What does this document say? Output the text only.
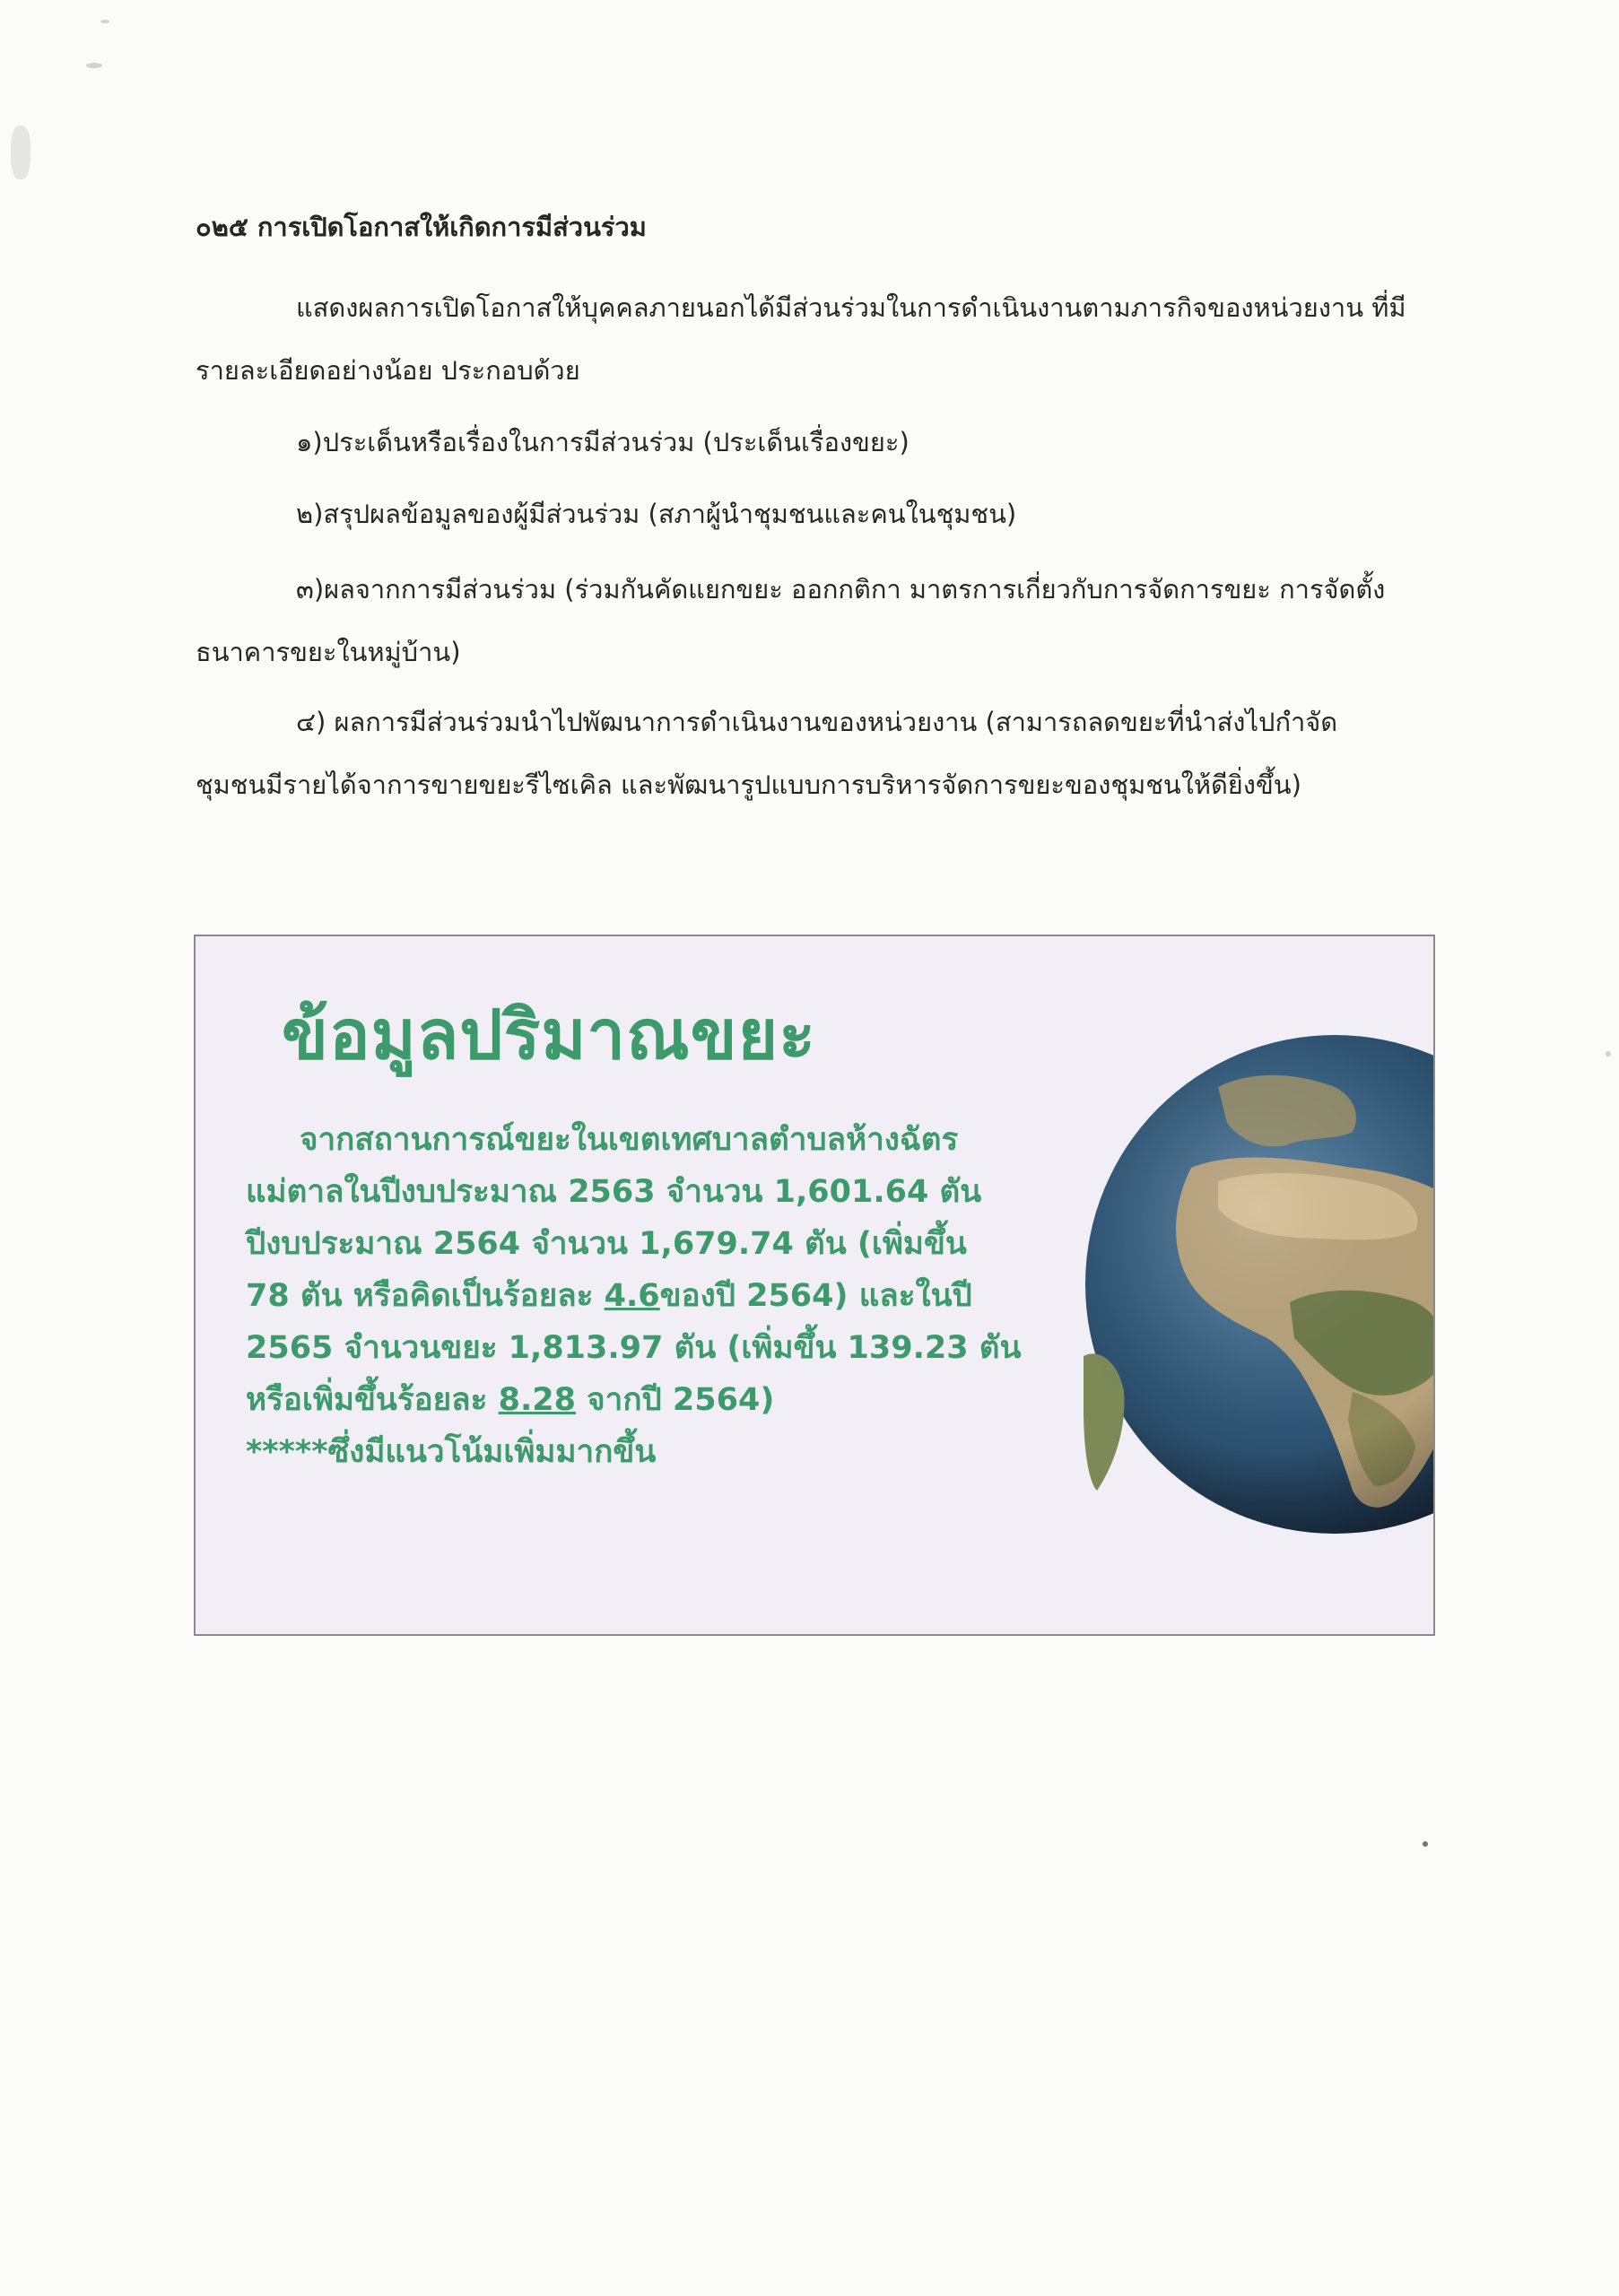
๐๒๕ การเปิดโอกาสให้เกิดการมีส่วนร่วม
แสดงผลการเปิดโอกาสให้บุคคลภายนอกได้มีส่วนร่วมในการดำเนินงานตามภารกิจของหน่วยงาน ที่มี
รายละเอียดอย่างน้อย ประกอบด้วย
๑)ประเด็นหรือเรื่องในการมีส่วนร่วม (ประเด็นเรื่องขยะ)
๒)สรุปผลข้อมูลของผู้มีส่วนร่วม (สภาผู้นำชุมชนและคนในชุมชน)
๓)ผลจากการมีส่วนร่วม (ร่วมกันคัดแยกขยะ ออกกติกา มาตรการเกี่ยวกับการจัดการขยะ การจัดตั้ง
ธนาคารขยะในหมู่บ้าน)
๔) ผลการมีส่วนร่วมนำไปพัฒนาการดำเนินงานของหน่วยงาน (สามารถลดขยะที่นำส่งไปกำจัด
ชุมชนมีรายได้จาการขายขยะรีไซเคิล และพัฒนารูปแบบการบริหารจัดการขยะของชุมชนให้ดียิ่งขึ้น)
ข้อมูลปริมาณขยะ
จากสถานการณ์ขยะในเขตเทศบาลตำบลห้างฉัตร
แม่ตาลในปีงบประมาณ 2563 จำนวน 1,601.64 ตัน
ปีงบประมาณ 2564 จำนวน 1,679.74 ตัน (เพิ่มขึ้น
78 ตัน หรือคิดเป็นร้อยละ 4.6ของปี 2564) และในปี
2565 จำนวนขยะ 1,813.97 ตัน (เพิ่มขึ้น 139.23 ตัน
หรือเพิ่มขึ้นร้อยละ 8.28 จากปี 2564)
*****ซึ่งมีแนวโน้มเพิ่มมากขึ้น
